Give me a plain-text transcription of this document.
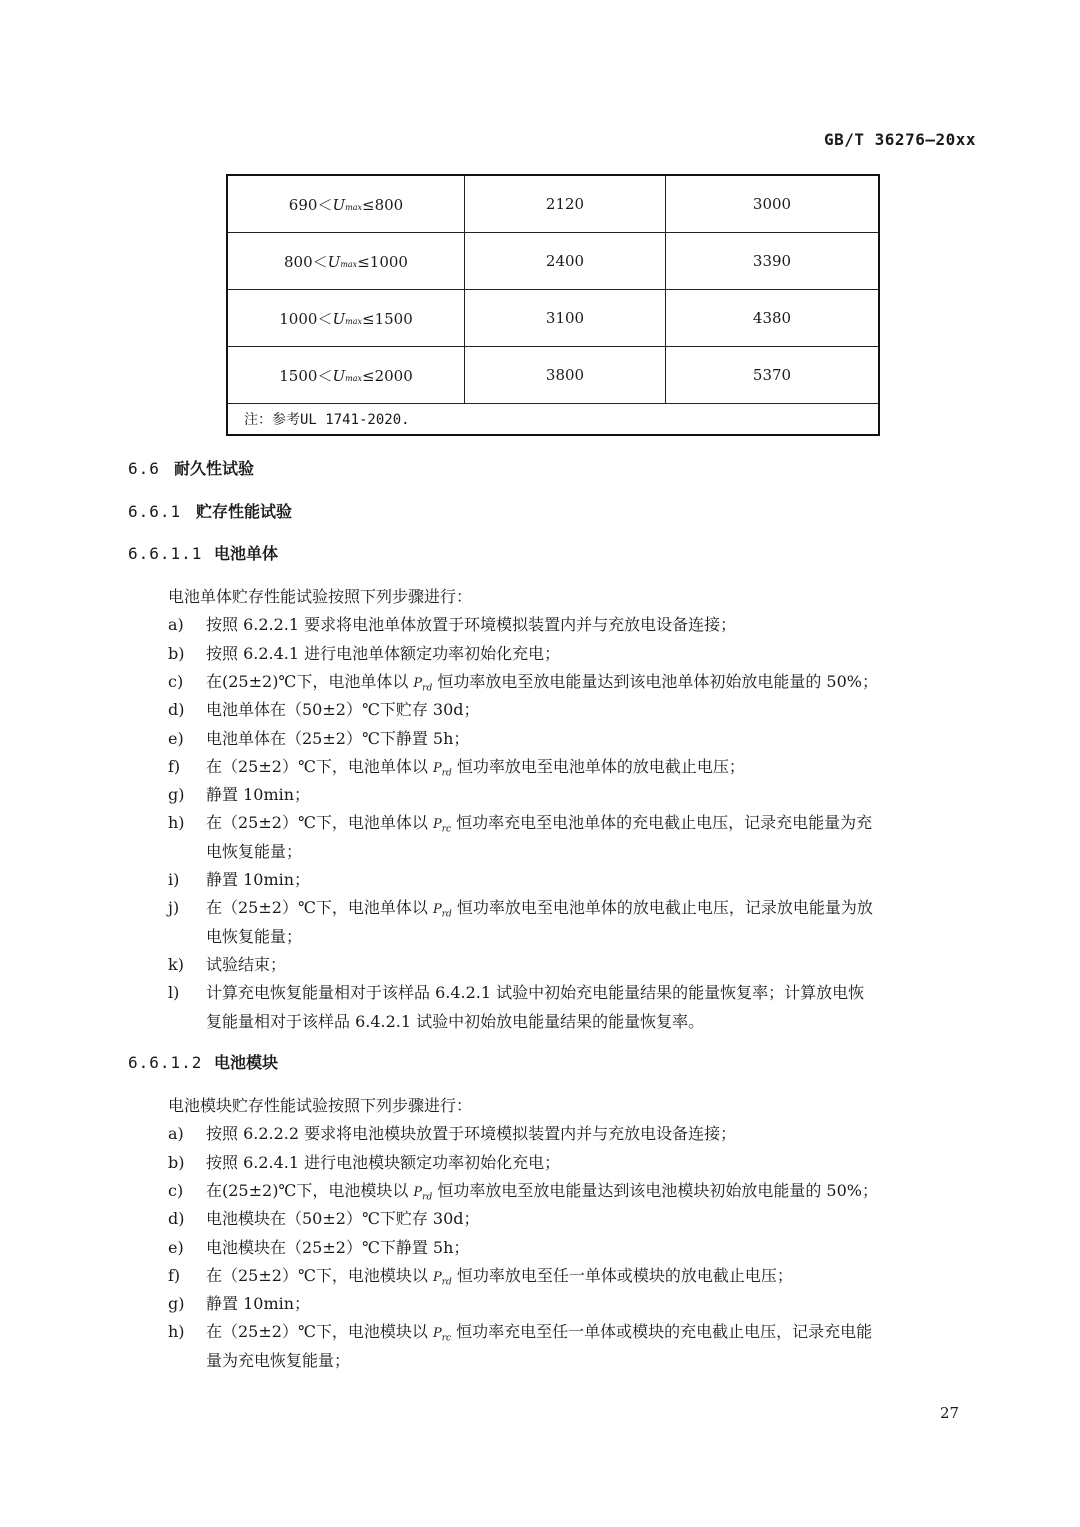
GB/T 36276—20xx
690＜Umax≤800	2120	3000
800＜Umax≤1000	2400	3390
1000＜Umax≤1500	3100	4380
1500＜Umax≤2000	3800	5370
注：参考UL 1741-2020.		
6.6 耐久性试验
6.6.1 贮存性能试验
6.6.1.1 电池单体
电池单体贮存性能试验按照下列步骤进行：
a) 按照 6.2.2.1 要求将电池单体放置于环境模拟装置内并与充放电设备连接；
b) 按照 6.2.4.1 进行电池单体额定功率初始化充电；
c) 在(25±2)℃下，电池单体以 $P_{rd}$ 恒功率放电至放电能量达到该电池单体初始放电能量的 50%；
d) 电池单体在（50±2）℃下贮存 30d；
e) 电池单体在（25±2）℃下静置 5h；
f) 在（25±2）℃下，电池单体以 $P_{rd}$ 恒功率放电至电池单体的放电截止电压；
g) 静置 10min；
h) 在（25±2）℃下，电池单体以 $P_{rc}$ 恒功率充电至电池单体的充电截止电压，记录充电能量为充
电恢复能量；
i) 静置 10min；
j) 在（25±2）℃下，电池单体以 $P_{rd}$ 恒功率放电至电池单体的放电截止电压，记录放电能量为放
电恢复能量；
k) 试验结束；
l) 计算充电恢复能量相对于该样品 6.4.2.1 试验中初始充电能量结果的能量恢复率；计算放电恢
复能量相对于该样品 6.4.2.1 试验中初始放电能量结果的能量恢复率。
6.6.1.2 电池模块
电池模块贮存性能试验按照下列步骤进行：
a) 按照 6.2.2.2 要求将电池模块放置于环境模拟装置内并与充放电设备连接；
b) 按照 6.2.4.1 进行电池模块额定功率初始化充电；
c) 在(25±2)℃下，电池模块以 $P_{rd}$ 恒功率放电至放电能量达到该电池模块初始放电能量的 50%；
d) 电池模块在（50±2）℃下贮存 30d；
e) 电池模块在（25±2）℃下静置 5h；
f) 在（25±2）℃下，电池模块以 $P_{rd}$ 恒功率放电至任一单体或模块的放电截止电压；
g) 静置 10min；
h) 在（25±2）℃下，电池模块以 $P_{rc}$ 恒功率充电至任一单体或模块的充电截止电压，记录充电能
量为充电恢复能量；
27
